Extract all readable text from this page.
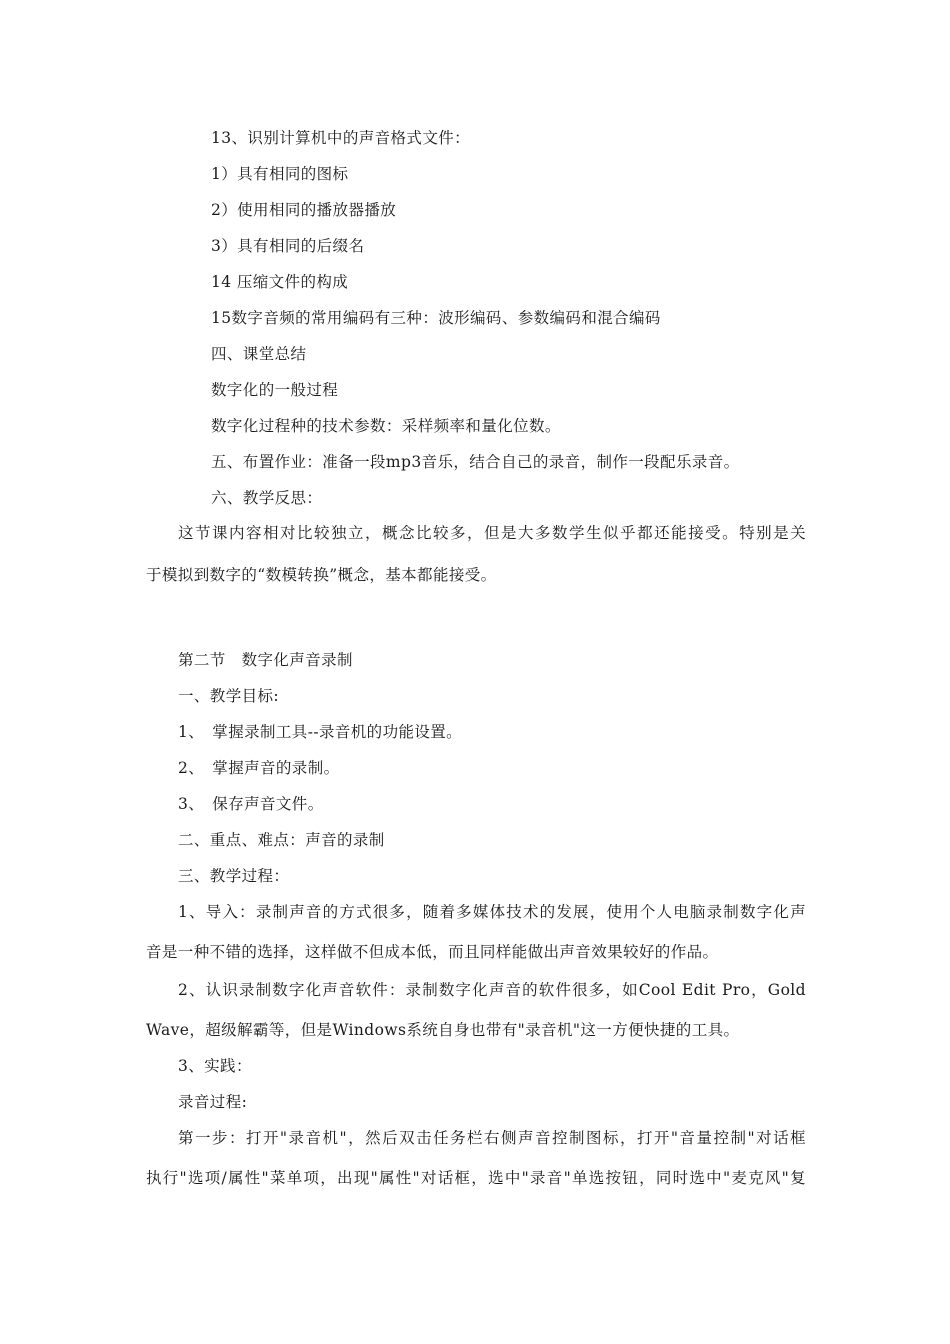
13、识别计算机中的声音格式文件：
1）具有相同的图标
2）使用相同的播放器播放
3）具有相同的后缀名
14 压缩文件的构成
15数字音频的常用编码有三种：波形编码、参数编码和混合编码
四、课堂总结
数字化的一般过程
数字化过程种的技术参数：采样频率和量化位数。
五、布置作业：准备一段mp3音乐，结合自己的录音，制作一段配乐录音。
六、教学反思：
这节课内容相对比较独立，概念比较多，但是大多数学生似乎都还能接受。特别是关
于模拟到数字的“数模转换”概念，基本都能接受。
第二节　数字化声音录制
一、教学目标:
1、　掌握录制工具--录音机的功能设置。
2、　掌握声音的录制。
3、　保存声音文件。
二、重点、难点：声音的录制
三、教学过程：
1、导入：录制声音的方式很多，随着多媒体技术的发展，使用个人电脑录制数字化声
音是一种不错的选择，这样做不但成本低，而且同样能做出声音效果较好的作品。
2、认识录制数字化声音软件：录制数字化声音的软件很多，如Cool Edit Pro，Gold
Wave，超级解霸等，但是Windows系统自身也带有"录音机"这一方便快捷的工具。
3、实践：
录音过程:
第一步：打开"录音机"，然后双击任务栏右侧声音控制图标，打开"音量控制"对话框
执行"选项/属性"菜单项，出现"属性"对话框，选中"录音"单选按钮，同时选中"麦克风"复
